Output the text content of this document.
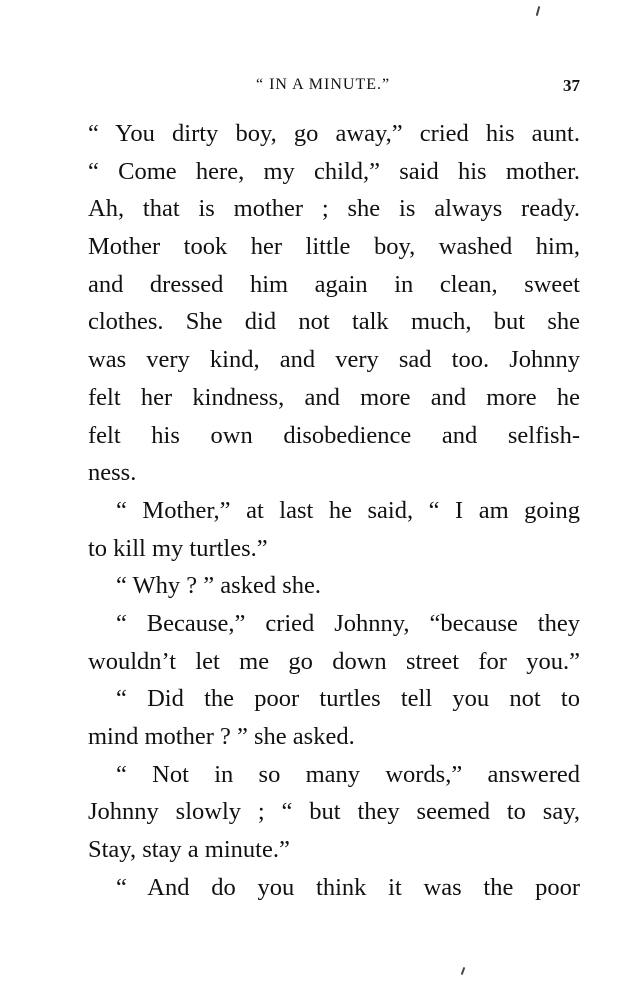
“ IN A MINUTE.”	37
“ You dirty boy, go away,” cried his aunt.
“ Come here, my child,” said his mother.
Ah, that is mother ; she is always ready.
Mother took her little boy, washed him,
and dressed him again in clean, sweet
clothes. She did not talk much, but she
was very kind, and very sad too. Johnny
felt her kindness, and more and more he
felt his own disobedience and selfish-
ness.
“ Mother,” at last he said, “ I am going
to kill my turtles.”
“ Why ? ” asked she.
“ Because,” cried Johnny, “because they
wouldn’t let me go down street for you.”
“ Did the poor turtles tell you not to
mind mother ? ” she asked.
“ Not in so many words,” answered
Johnny slowly ; “ but they seemed to say,
Stay, stay a minute.”
“ And do you think it was the poor
